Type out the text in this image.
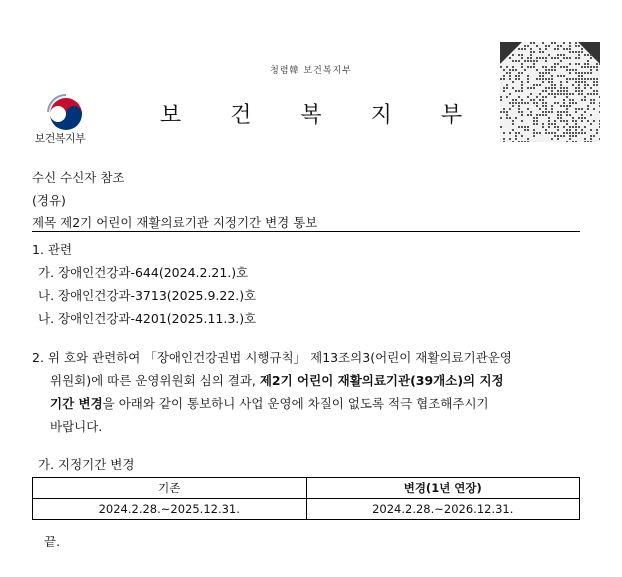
청렴韓 보건복지부
보건복지부
보 건 복 지 부
수신 수신자 참조
(경유)
제목 제2기 어린이 재활의료기관 지정기간 변경 통보
1. 관련
가. 장애인건강과-644(2024.2.21.)호
나. 장애인건강과-3713(2025.9.22.)호
나. 장애인건강과-4201(2025.11.3.)호
2. 위 호와 관련하여 「장애인건강권법 시행규칙」 제13조의3(어린이 재활의료기관운영
위원회)에 따른 운영위원회 심의 결과, 제2기 어린이 재활의료기관(39개소)의 지정
기간 변경을 아래와 같이 통보하니 사업 운영에 차질이 없도록 적극 협조해주시기
바랍니다.
가. 지정기간 변경
기존	변경(1년 연장)
2024.2.28.~2025.12.31.	2024.2.28.~2026.12.31.
끝.
